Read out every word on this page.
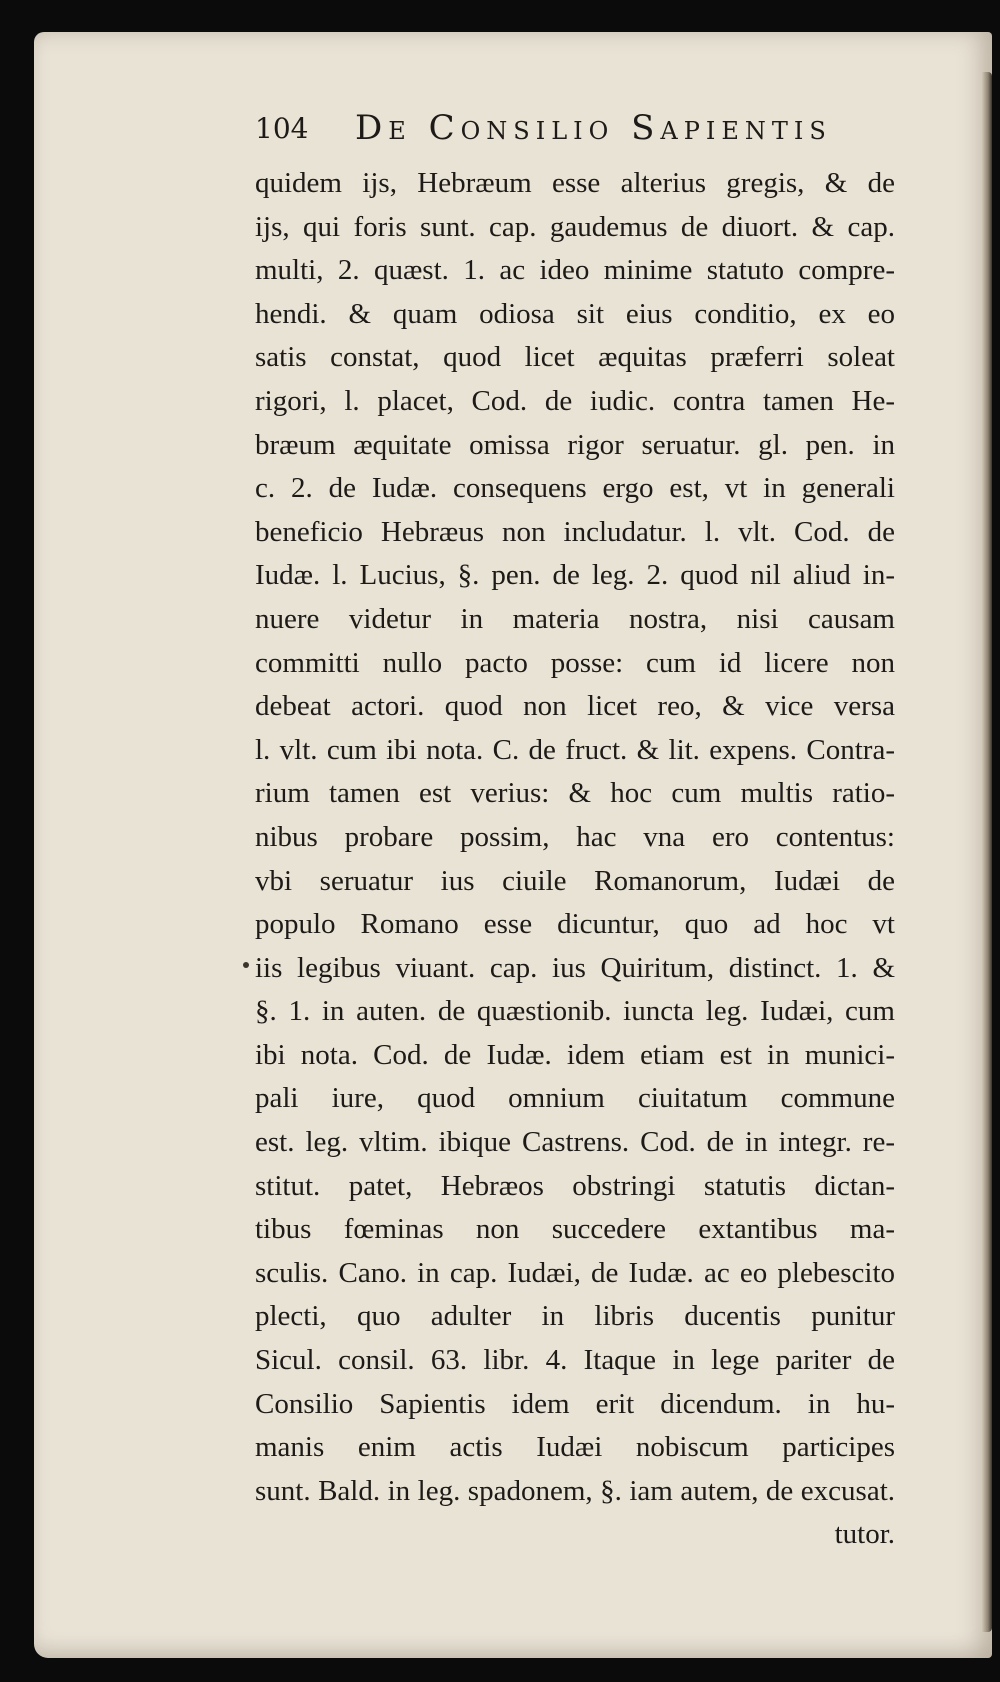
104 De Consilio Sapientis
quidem ijs, Hebræum esse alterius gregis, & de
ijs, qui foris sunt. cap. gaudemus de diuort. & cap.
multi, 2. quæst. 1. ac ideo minime statuto compre-
hendi. & quam odiosa sit eius conditio, ex eo
satis constat, quod licet æquitas præferri soleat
rigori, l. placet, Cod. de iudic. contra tamen He-
bræum æquitate omissa rigor seruatur. gl. pen. in
c. 2. de Iudæ. consequens ergo est, vt in generali
beneficio Hebræus non includatur. l. vlt. Cod. de
Iudæ. l. Lucius, §. pen. de leg. 2. quod nil aliud in-
nuere videtur in materia nostra, nisi causam
committi nullo pacto posse: cum id licere non
debeat actori. quod non licet reo, & vice versa
l. vlt. cum ibi nota. C. de fruct. & lit. expens. Contra-
rium tamen est verius: & hoc cum multis ratio-
nibus probare possim, hac vna ero contentus:
vbi seruatur ius ciuile Romanorum, Iudæi de
populo Romano esse dicuntur, quo ad hoc vt
iis legibus viuant. cap. ius Quiritum, distinct. 1. &
§. 1. in auten. de quæstionib. iuncta leg. Iudæi, cum
ibi nota. Cod. de Iudæ. idem etiam est in munici-
pali iure, quod omnium ciuitatum commune
est. leg. vltim. ibique Castrens. Cod. de in integr. re-
stitut. patet, Hebræos obstringi statutis dictan-
tibus fœminas non succedere extantibus ma-
sculis. Cano. in cap. Iudæi, de Iudæ. ac eo plebescito
plecti, quo adulter in libris ducentis punitur
Sicul. consil. 63. libr. 4. Itaque in lege pariter de
Consilio Sapientis idem erit dicendum. in hu-
manis enim actis Iudæi nobiscum participes
sunt. Bald. in leg. spadonem, §. iam autem, de excusat.
tutor.
